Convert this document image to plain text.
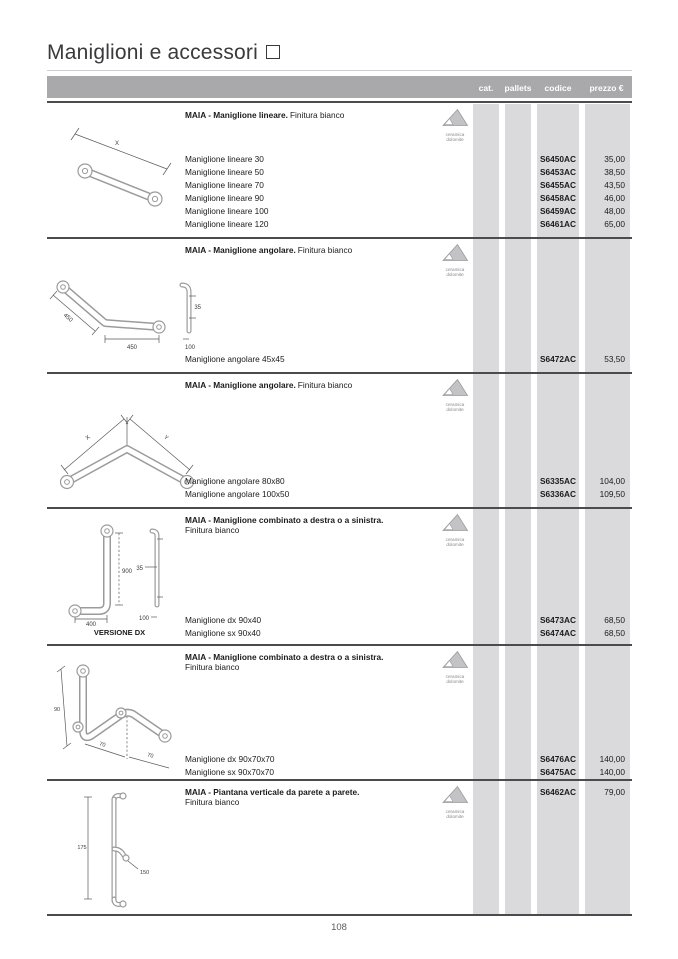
Maniglioni e accessori
cat.	pallets	codice	prezzo €
X
MAIA - Maniglione lineare. Finitura bianco
ceramica
dolomite
Maniglione lineare 30	S6450AC	35,00
Maniglione lineare 50	S6453AC	38,50
Maniglione lineare 70	S6455AC	43,50
Maniglione lineare 90	S6458AC	46,00
Maniglione lineare 100	S6459AC	48,00
Maniglione lineare 120	S6461AC	65,00
450
450
35
100
MAIA - Maniglione angolare. Finitura bianco
ceramica
dolomite
Maniglione angolare 45x45	S6472AC	53,50
X	Y
MAIA - Maniglione angolare. Finitura bianco
ceramica
dolomite
Maniglione angolare 80x80	S6335AC	104,00
Maniglione angolare 100x50	S6336AC	109,50
900
400
35
100
VERSIONE DX
MAIA - Maniglione combinato a destra o a sinistra.
Finitura bianco
ceramica
dolomite
Maniglione dx 90x40	S6473AC	68,50
Maniglione sx 90x40	S6474AC	68,50
90
70
70
MAIA - Maniglione combinato a destra o a sinistra.
Finitura bianco
ceramica
dolomite
Maniglione dx 90x70x70	S6476AC	140,00
Maniglione sx 90x70x70	S6475AC	140,00
175
150
MAIA - Piantana verticale da parete a parete.
Finitura bianco
ceramica
dolomite
S6462AC	79,00
108
